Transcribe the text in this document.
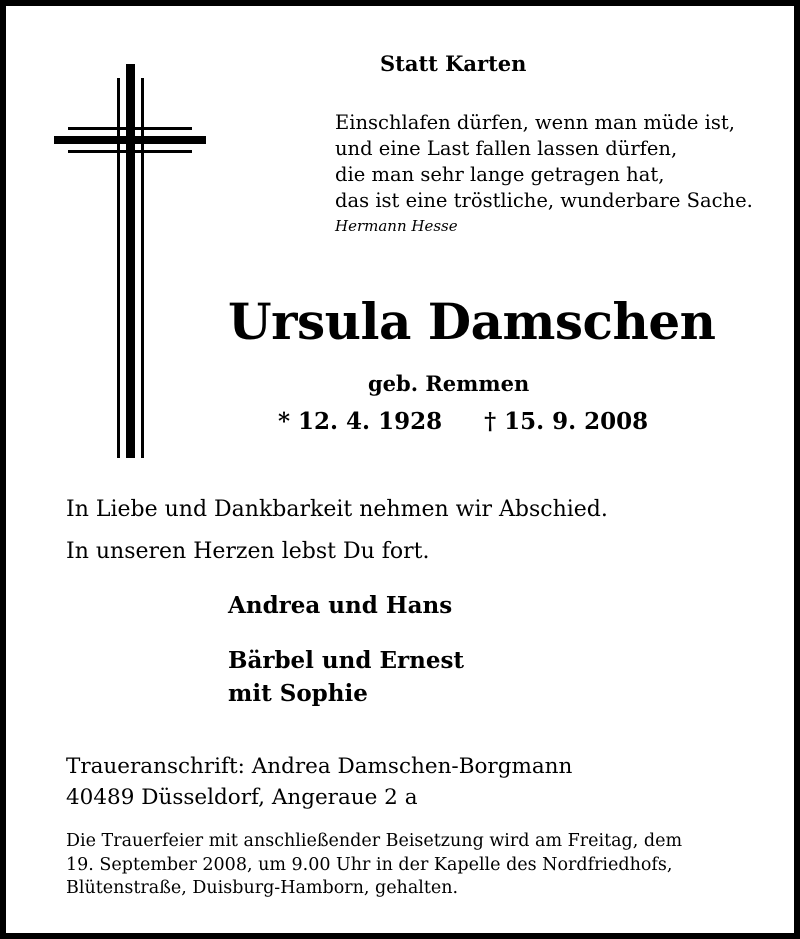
Statt Karten
Einschlafen dürfen, wenn man müde ist,
und eine Last fallen lassen dürfen,
die man sehr lange getragen hat,
das ist eine tröstliche, wunderbare Sache.
Hermann Hesse
Ursula Damschen
geb. Remmen
* 12. 4. 1928 † 15. 9. 2008
In Liebe und Dankbarkeit nehmen wir Abschied.
In unseren Herzen lebst Du fort.
Andrea und Hans
Bärbel und Ernest
mit Sophie
Traueranschrift: Andrea Damschen-Borgmann
40489 Düsseldorf, Angeraue 2 a
Die Trauerfeier mit anschließender Beisetzung wird am Freitag, dem
19. September 2008, um 9.00 Uhr in der Kapelle des Nordfriedhofs,
Blütenstraße, Duisburg-Hamborn, gehalten.
